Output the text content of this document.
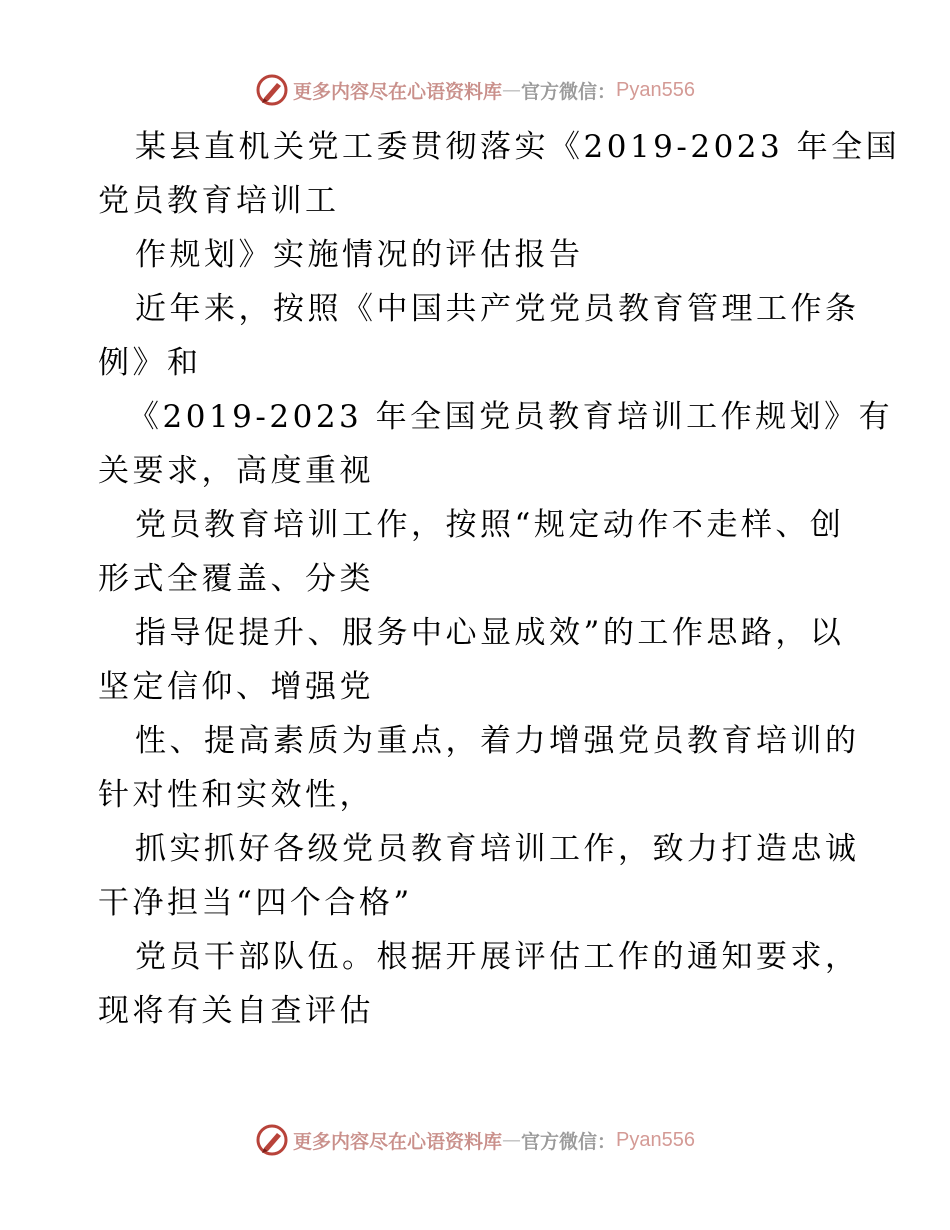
更多内容尽在心语资料库 — 官方微信： Pyan556
某县直机关党工委贯彻落实《2019-2023 年全国
党员教育培训工
作规划》实施情况的评估报告
近年来，按照《中国共产党党员教育管理工作条
例》和
《2019-2023 年全国党员教育培训工作规划》有
关要求，高度重视
党员教育培训工作，按照“规定动作不走样、创
形式全覆盖、分类
指导促提升、服务中心显成效”的工作思路，以
坚定信仰、增强党
性、提高素质为重点，着力增强党员教育培训的
针对性和实效性，
抓实抓好各级党员教育培训工作，致力打造忠诚
干净担当“四个合格”
党员干部队伍。根据开展评估工作的通知要求，
现将有关自查评估
更多内容尽在心语资料库 — 官方微信： Pyan556
